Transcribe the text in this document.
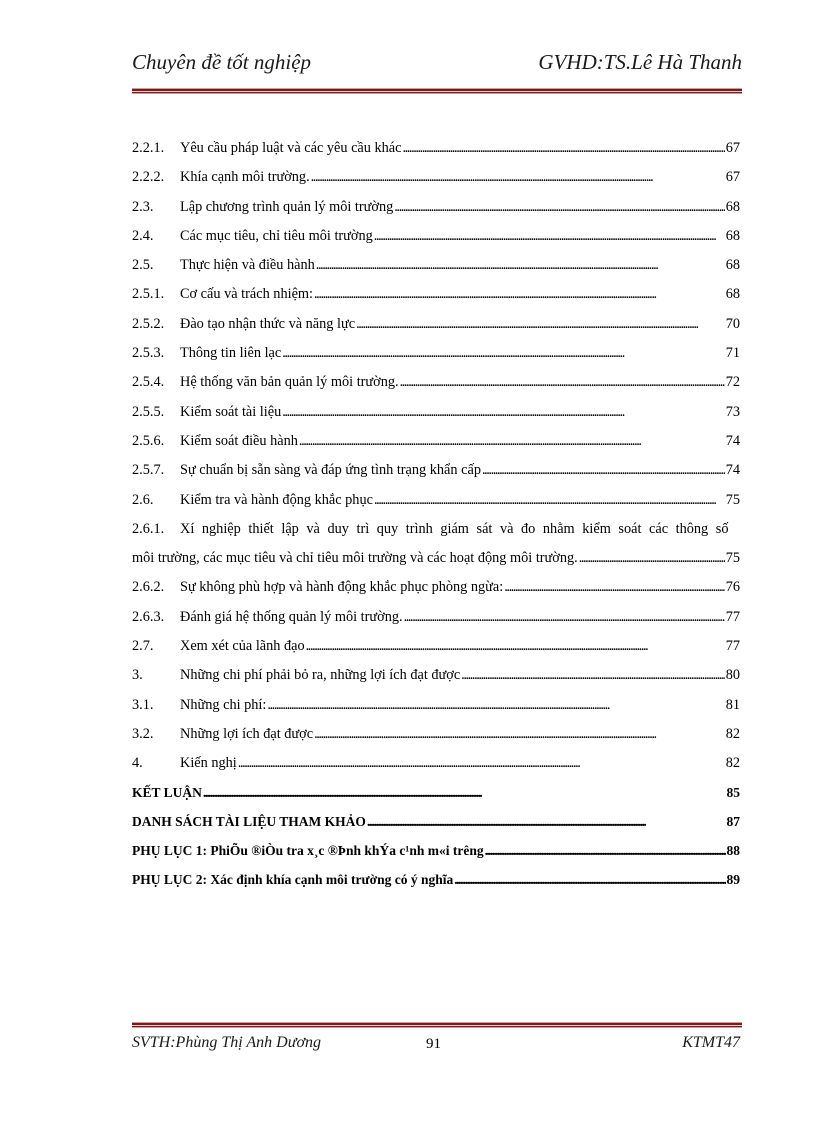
Chuyên đề tốt nghiệp	GVHD:TS.Lê Hà Thanh
2.2.1.	Yêu cầu pháp luật và các yêu cầu khác . . .	67
2.2.2.	Khía cạnh môi trường. . . .	67
2.3.	Lập chương trình quản lý môi trường . . .	68
2.4.	Các mục tiêu, chỉ tiêu môi trường . . .	68
2.5.	Thực hiện và điều hành . . .	68
2.5.1.	Cơ cấu và trách nhiệm: . . .	68
2.5.2.	Đào tạo nhận thức và năng lực . . .	70
2.5.3.	Thông tin liên lạc . . .	71
2.5.4.	Hệ thống văn bản quản lý môi trường. . . .	72
2.5.5.	Kiểm soát tài liệu . . .	73
2.5.6.	Kiểm soát điều hành . . .	74
2.5.7.	Sự chuẩn bị sẵn sàng và đáp ứng tình trạng khẩn cấp . . .	74
2.6.	Kiểm tra và hành động khắc phục . . .	75
2.6.1.	Xí nghiệp thiết lập và duy trì quy trình giám sát và đo nhằm kiểm soát các thông số
môi trường, các mục tiêu và chỉ tiêu môi trường và các hoạt động môi trường. . . .	75
2.6.2.	Sự không phù hợp và hành động khắc phục phòng ngừa: . . .	76
2.6.3.	Đánh giá hệ thống quản lý môi trường. . . .	77
2.7.	Xem xét của lãnh đạo . . .	77
3.	Những chi phí phải bỏ ra, những lợi ích đạt được . . .	80
3.1.	Những chi phí: . . .	81
3.2.	Những lợi ích đạt được . . .	82
4.	Kiến nghị . . .	82
KẾT LUẬN . . .	85
DANH SÁCH TÀI LIỆU THAM KHẢO . . .	87
PHỤ LỤC 1: PhiÕu ®iÒu tra x¸c ®Þnh khÝa c¹nh m«i trêng . . .	88
PHỤ LỤC 2: Xác định khía cạnh môi trường có ý nghĩa . . .	89
SVTH:Phùng Thị Anh Dương	91	KTMT47
